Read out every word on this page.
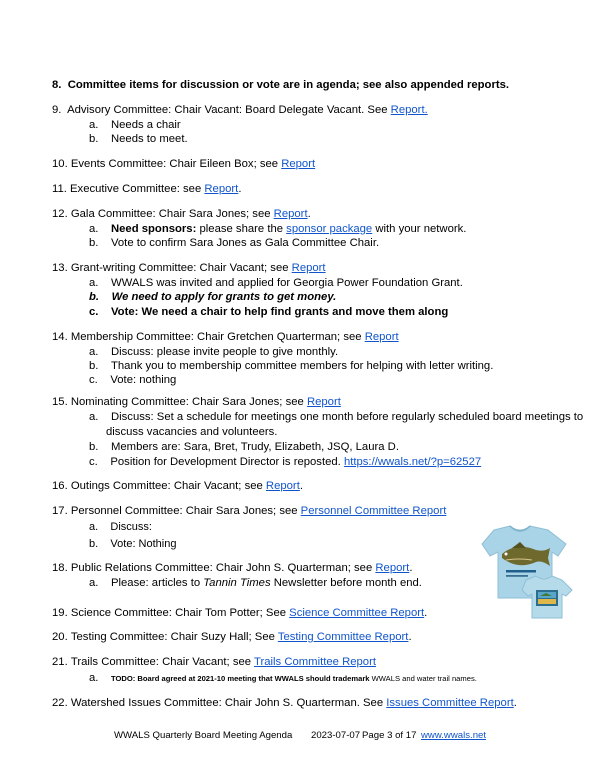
8. Committee items for discussion or vote are in agenda; see also appended reports.
9. Advisory Committee: Chair Vacant: Board Delegate Vacant. See Report.
a. Needs a chair
b. Needs to meet.
10. Events Committee: Chair Eileen Box; see Report
11. Executive Committee: see Report.
12. Gala Committee: Chair Sara Jones; see Report.
a. Need sponsors: please share the sponsor package with your network.
b. Vote to confirm Sara Jones as Gala Committee Chair.
13. Grant-writing Committee: Chair Vacant; see Report
a. WWALS was invited and applied for Georgia Power Foundation Grant.
b. We need to apply for grants to get money.
c. Vote: We need a chair to help find grants and move them along
14. Membership Committee: Chair Gretchen Quarterman; see Report
a. Discuss: please invite people to give monthly.
b. Thank you to membership committee members for helping with letter writing.
c. Vote: nothing
15. Nominating Committee: Chair Sara Jones; see Report
a. Discuss: Set a schedule for meetings one month before regularly scheduled board meetings to
discuss vacancies and volunteers.
b. Members are: Sara, Bret, Trudy, Elizabeth, JSQ, Laura D.
c. Position for Development Director is reposted. https://wwals.net/?p=62527
16. Outings Committee: Chair Vacant; see Report.
17. Personnel Committee: Chair Sara Jones; see Personnel Committee Report
a. Discuss:
b. Vote: Nothing
18. Public Relations Committee: Chair John S. Quarterman; see Report.
a. Please: articles to Tannin Times Newsletter before month end.
19. Science Committee: Chair Tom Potter; See Science Committee Report.
20. Testing Committee: Chair Suzy Hall; See Testing Committee Report.
21. Trails Committee: Chair Vacant; see Trails Committee Report
a. TODO: Board agreed at 2021-10 meeting that WWALS should trademark WWALS and water trail names.
22. Watershed Issues Committee: Chair John S. Quarterman. See Issues Committee Report.
WWALS Quarterly Board Meeting Agenda 2023-07-07 Page 3 of 17 www.wwals.net
